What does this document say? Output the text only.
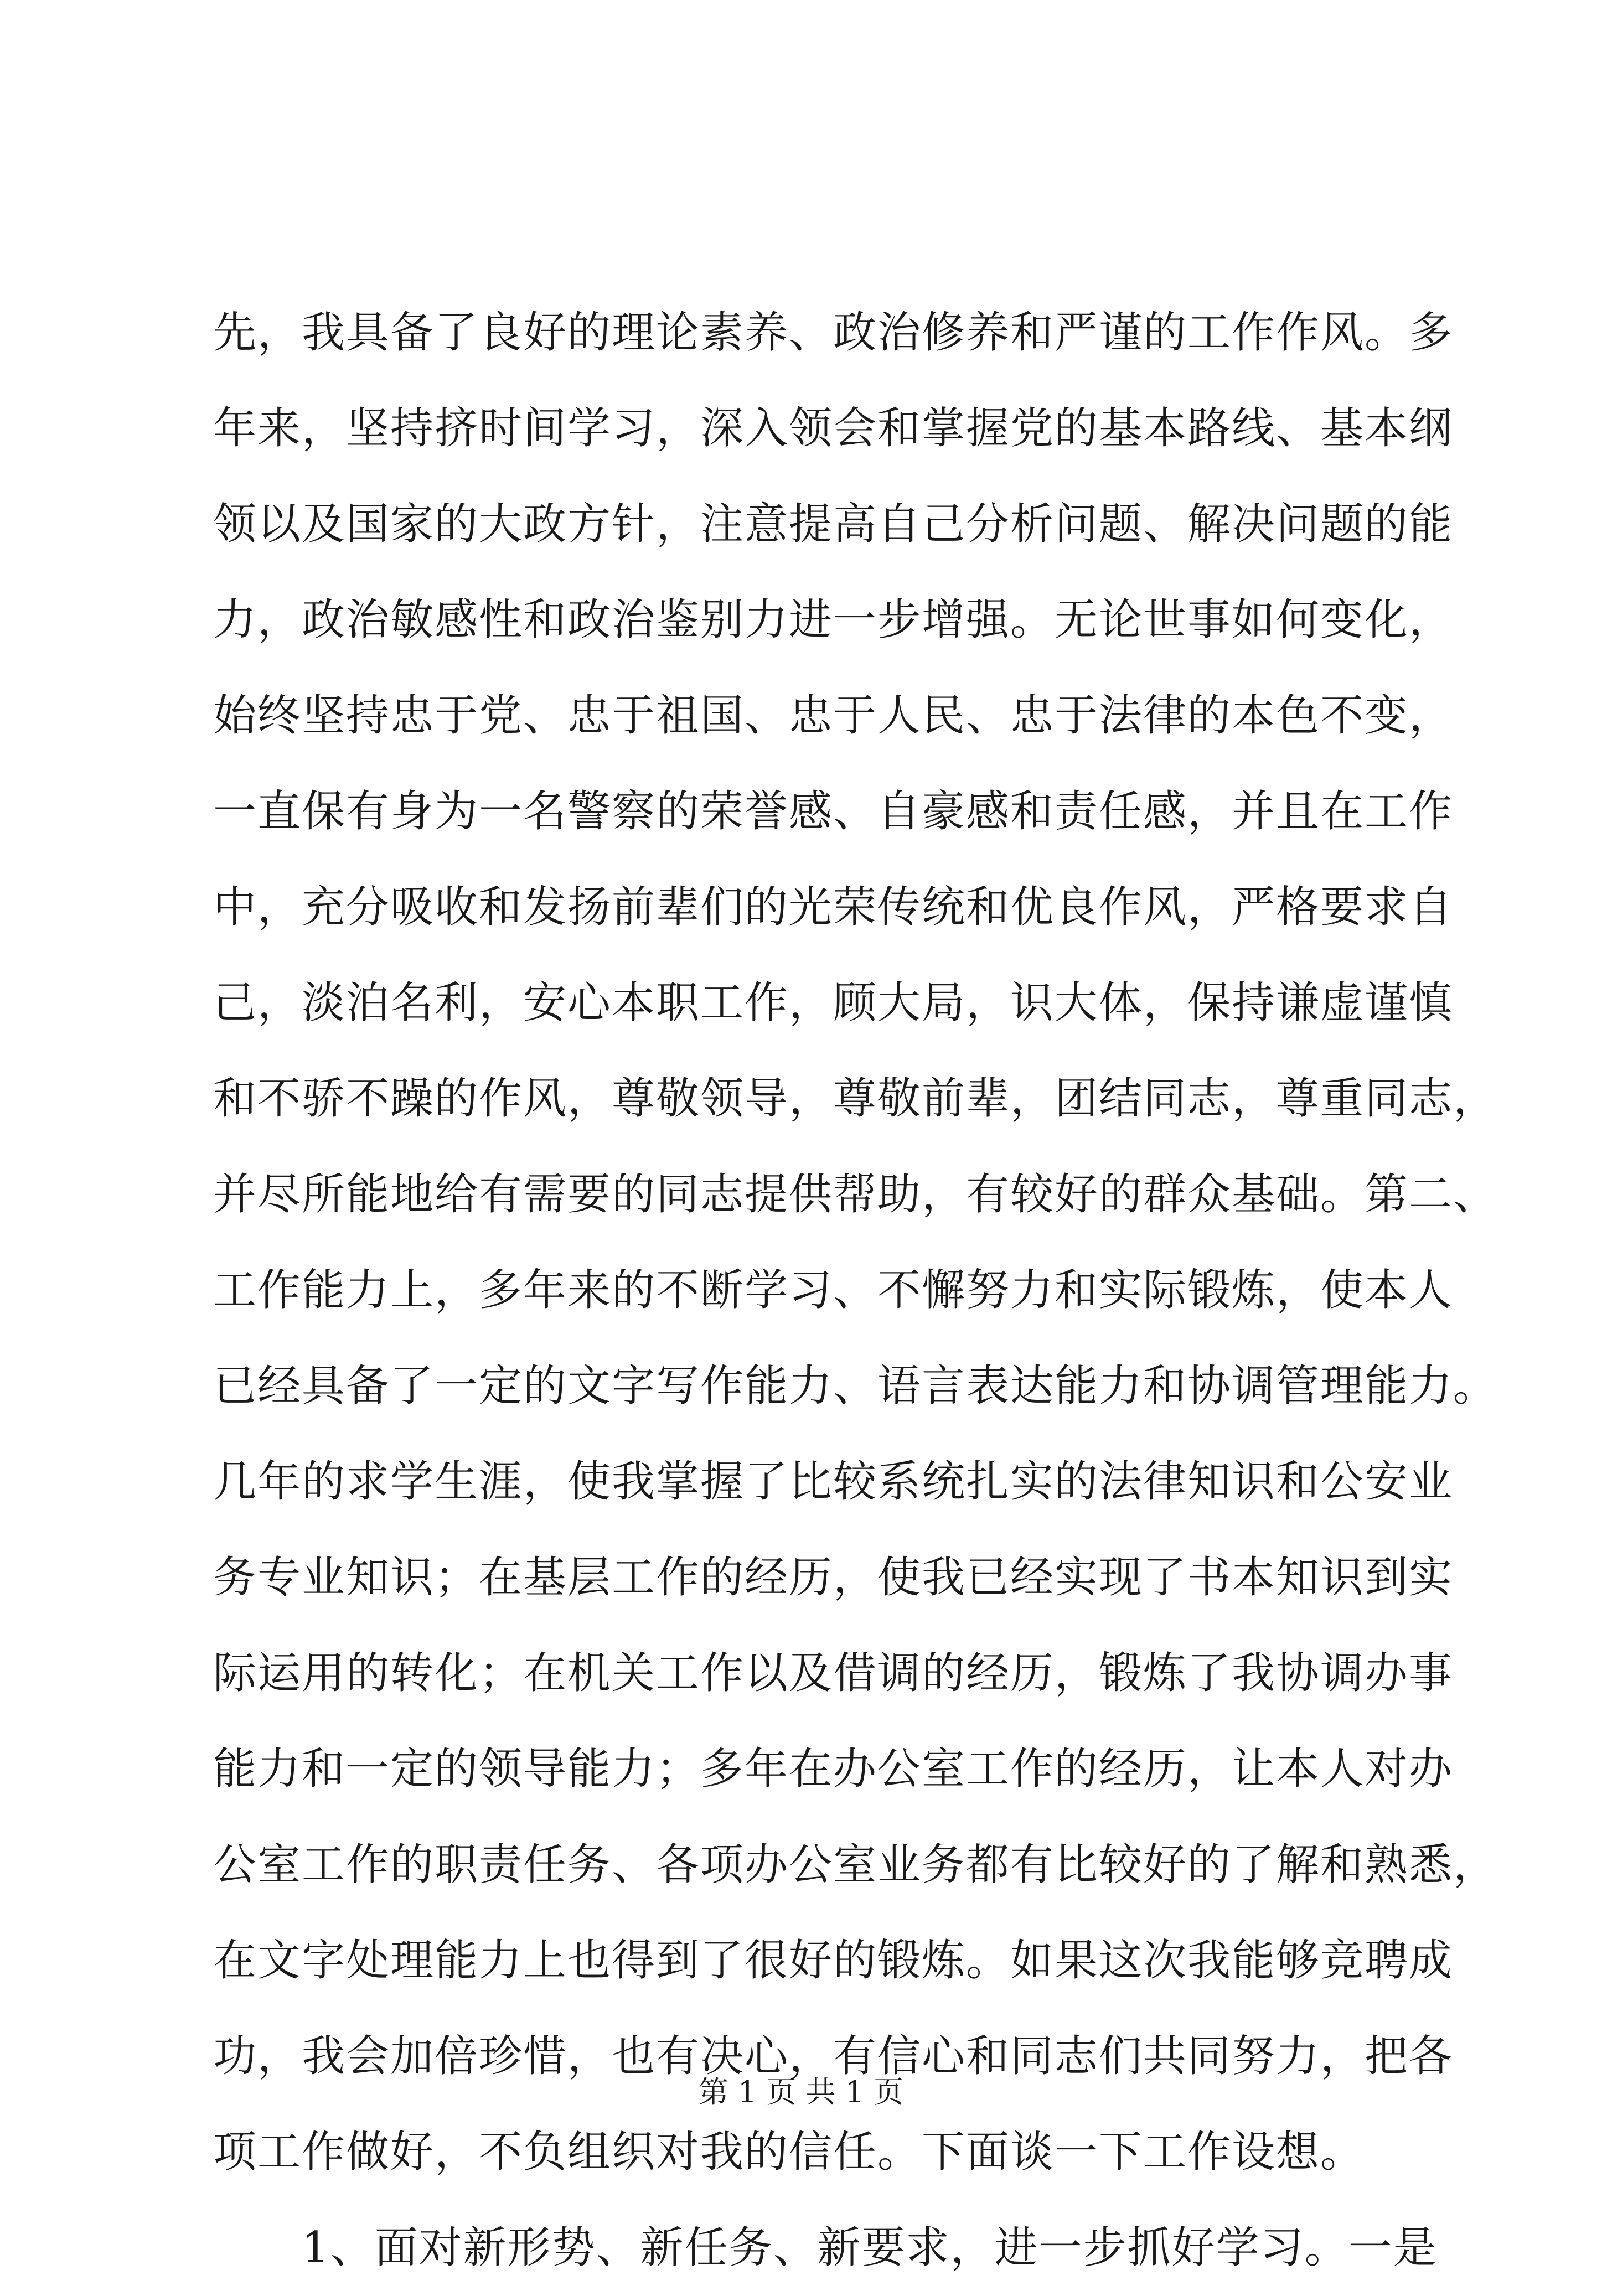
先，我具备了良好的理论素养、政治修养和严谨的工作作风。多
年来，坚持挤时间学习，深入领会和掌握党的基本路线、基本纲
领以及国家的大政方针，注意提高自己分析问题、解决问题的能
力，政治敏感性和政治鉴别力进一步增强。无论世事如何变化，
始终坚持忠于党、忠于祖国、忠于人民、忠于法律的本色不变，
一直保有身为一名警察的荣誉感、自豪感和责任感，并且在工作
中，充分吸收和发扬前辈们的光荣传统和优良作风，严格要求自
己，淡泊名利，安心本职工作，顾大局，识大体，保持谦虚谨慎
和不骄不躁的作风，尊敬领导，尊敬前辈，团结同志，尊重同志，
并尽所能地给有需要的同志提供帮助，有较好的群众基础。第二、
工作能力上，多年来的不断学习、不懈努力和实际锻炼，使本人
已经具备了一定的文字写作能力、语言表达能力和协调管理能力。
几年的求学生涯，使我掌握了比较系统扎实的法律知识和公安业
务专业知识；在基层工作的经历，使我已经实现了书本知识到实
际运用的转化；在机关工作以及借调的经历，锻炼了我协调办事
能力和一定的领导能力；多年在办公室工作的经历，让本人对办
公室工作的职责任务、各项办公室业务都有比较好的了解和熟悉，
在文字处理能力上也得到了很好的锻炼。如果这次我能够竞聘成
功，我会加倍珍惜，也有决心，有信心和同志们共同努力，把各
项工作做好，不负组织对我的信任。下面谈一下工作设想。
1、面对新形势、新任务、新要求，进一步抓好学习。一是
第 1 页 共 1 页
